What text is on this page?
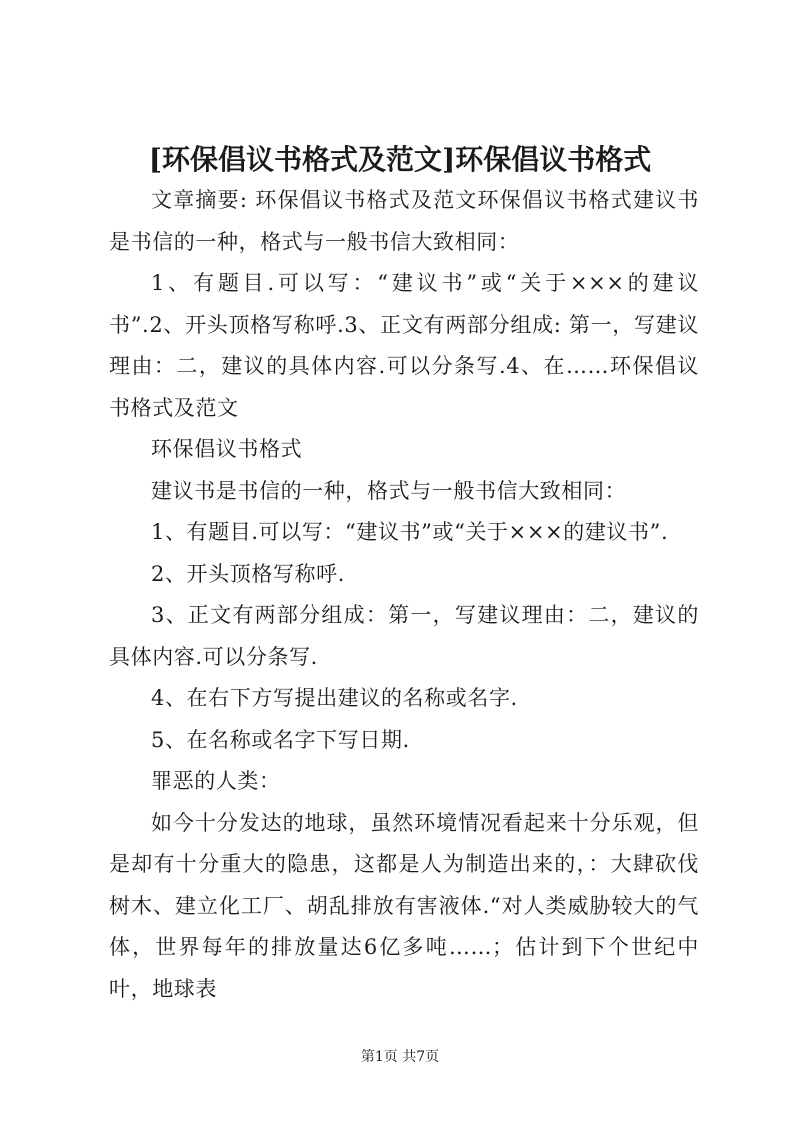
[环保倡议书格式及范文]环保倡议书格式

文章摘要: 环保倡议书格式及范文环保倡议书格式建议书是书信的一种，格式与一般书信大致相同：

1、有题目.可以写：“建议书”或“关于×××的建议书”.2、开头顶格写称呼.3、正文有两部分组成: 第一，写建议理由：二，建议的具体内容.可以分条写.4、在……环保倡议书格式及范文

环保倡议书格式

建议书是书信的一种，格式与一般书信大致相同：

1、有题目.可以写：“建议书”或“关于×××的建议书”.

2、开头顶格写称呼.

3、正文有两部分组成：第一，写建议理由：二，建议的具体内容.可以分条写.

4、在右下方写提出建议的名称或名字.

5、在名称或名字下写日期.

罪恶的人类：

如今十分发达的地球，虽然环境情况看起来十分乐观，但是却有十分重大的隐患，这都是人为制造出来的，：大肆砍伐树木、建立化工厂、胡乱排放有害液体.“对人类威胁较大的气体，世界每年的排放量达6亿多吨……；估计到下个世纪中叶，地球表

第1页 共7页
